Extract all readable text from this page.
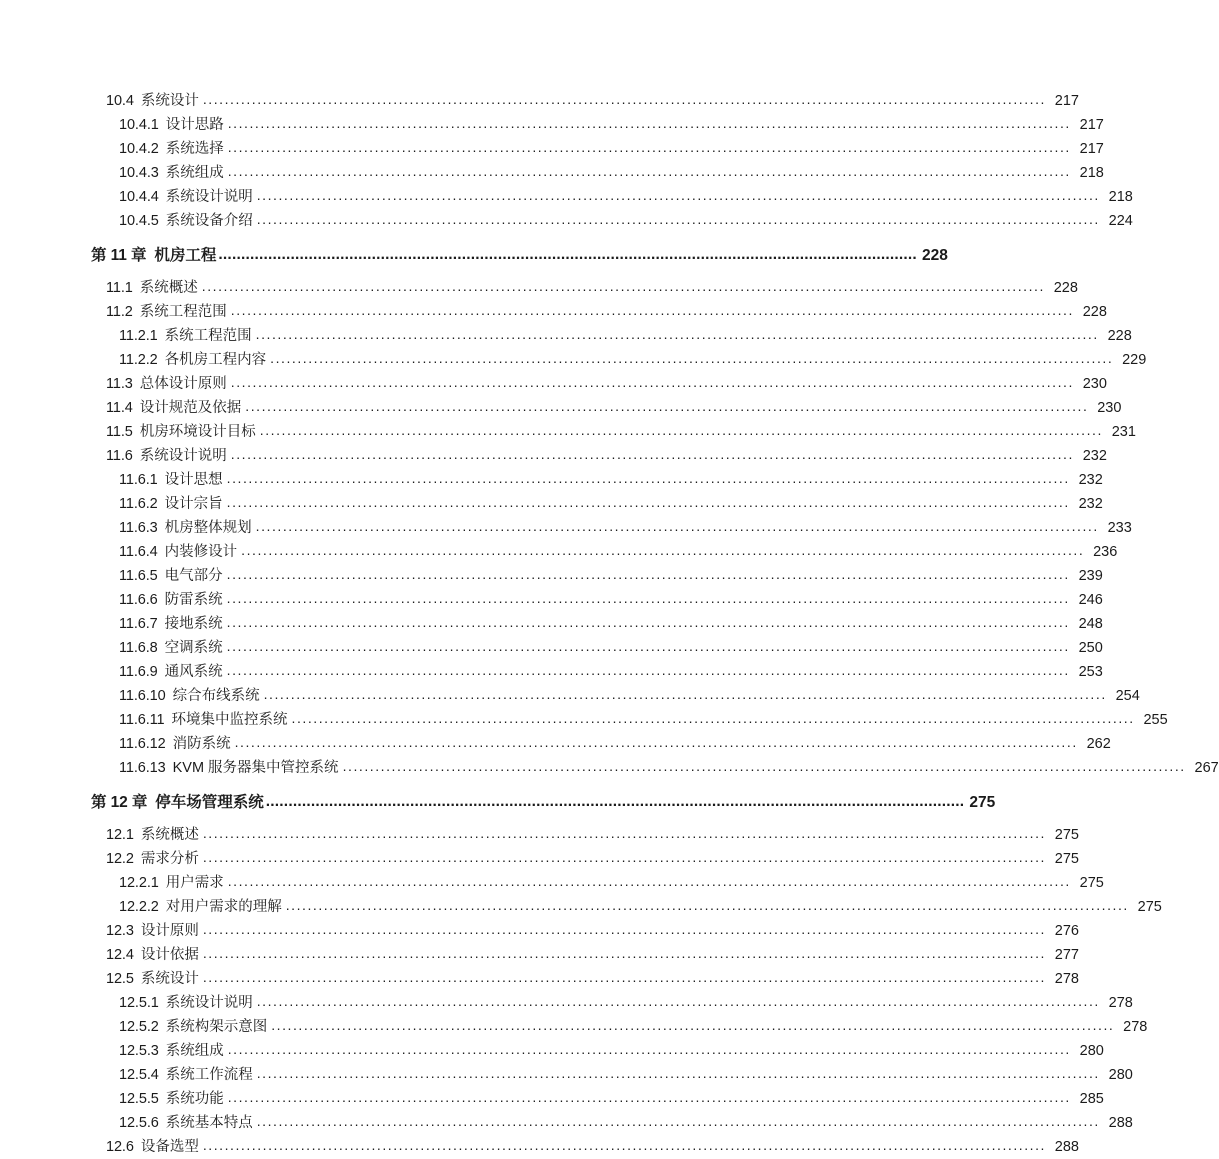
10.4 系统设计 .....	217
10.4.1 设计思路 .....	217
10.4.2 系统选择 .....	217
10.4.3 系统组成 .....	218
10.4.4 系统设计说明 .....	218
10.4.5 系统设备介绍 .....	224
第 11 章 机房工程 .....	228
11.1 系统概述 .....	228
11.2 系统工程范围 .....	228
11.2.1 系统工程范围 .....	228
11.2.2 各机房工程内容 .....	229
11.3 总体设计原则 .....	230
11.4 设计规范及依据 .....	230
11.5 机房环境设计目标 .....	231
11.6 系统设计说明 .....	232
11.6.1 设计思想 .....	232
11.6.2 设计宗旨 .....	232
11.6.3 机房整体规划 .....	233
11.6.4 内装修设计 .....	236
11.6.5 电气部分 .....	239
11.6.6 防雷系统 .....	246
11.6.7 接地系统 .....	248
11.6.8 空调系统 .....	250
11.6.9 通风系统 .....	253
11.6.10 综合布线系统 .....	254
11.6.11 环境集中监控系统 .....	255
11.6.12 消防系统 .....	262
11.6.13 KVM 服务器集中管控系统 .....	267
第 12 章 停车场管理系统 .....	275
12.1 系统概述 .....	275
12.2 需求分析 .....	275
12.2.1 用户需求 .....	275
12.2.2 对用户需求的理解 .....	275
12.3 设计原则 .....	276
12.4 设计依据 .....	277
12.5 系统设计 .....	278
12.5.1 系统设计说明 .....	278
12.5.2 系统构架示意图 .....	278
12.5.3 系统组成 .....	280
12.5.4 系统工作流程 .....	280
12.5.5 系统功能 .....	285
12.5.6 系统基本特点 .....	288
12.6 设备选型 .....	288
